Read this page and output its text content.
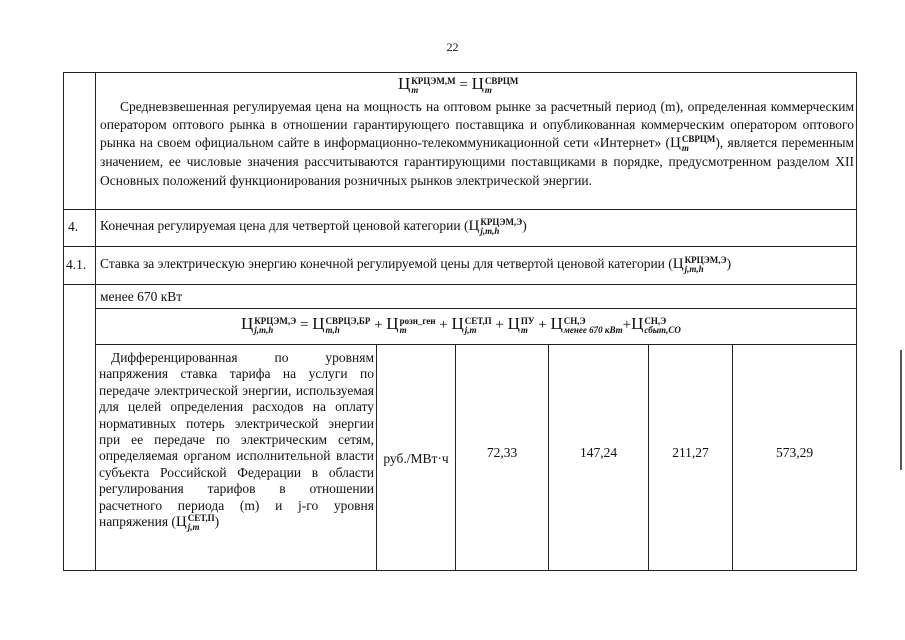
22
Ц КРЦЭМ,М
m	= Ц СВРЦМ
m
Средневзвешенная регулируемая цена на мощность на оптовом рынке за расчетный период (m), определенная коммерческим оператором оптового рынка в отношении гарантирующего поставщика и опубликованная коммерческим оператором оптового рынка на своем официальном сайте в информационно-телекоммуникационной сети «Интернет» (Ц СВРЦМ
m	), является переменным значением, ее числовые значения рассчитываются гарантирующими поставщиками в порядке, предусмотренном разделом XII Основных положений функционирования розничных рынков электрической энергии.
4. Конечная регулируемая цена для четвертой ценовой категории (Ц КРЦЭМ,Э
j,m,h	)
4.1. Ставка за электрическую энергию конечной регулируемой цены для четвертой ценовой категории (Ц КРЦЭМ,Э
j,m,h	)
менее 670 кВт
Ц КРЦЭМ,Э
j,m,h	= Ц СВРЦЭ,БР
m,h	+ Ц розн_ген
m	+ Ц СЕТ,П
j,m	+ Ц ПУ
m + Ц СН,Э
менее 670 кВт +Ц СН,Э
сбыт,СО
Дифференцированная по уровням напряжения ставка тарифа на услуги по передаче электрической энергии, используемая для целей определения расходов на оплату нормативных потерь электрической энергии при ее передаче по электрическим сетям, определяемая органом исполнительной власти субъекта Российской Федерации в области регулирования тарифов в отношении расчетного периода (m) и j-го уровня напряжения (Ц СЕТ,П
j,m	)
руб./МВт·ч	72,33	147,24	211,27	573,29
